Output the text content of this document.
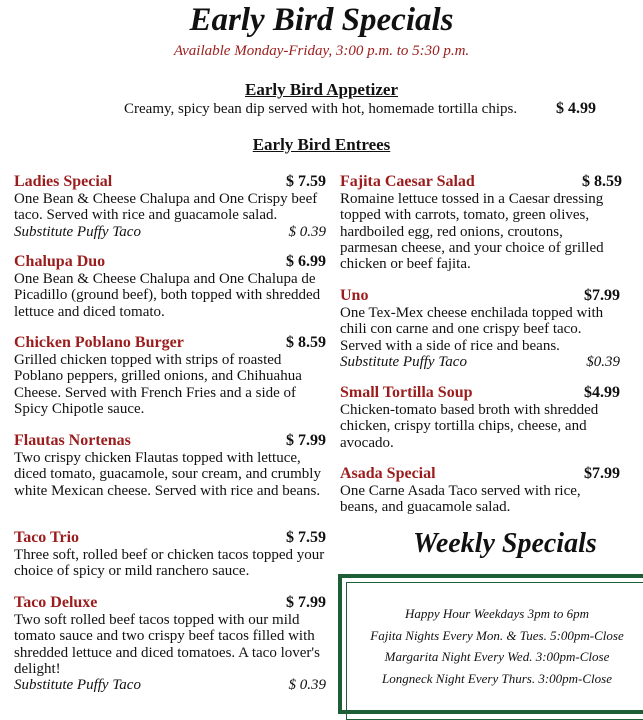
Early Bird Specials
Available Monday-Friday, 3:00 p.m. to 5:30 p.m.
Early Bird Appetizer
Creamy, spicy bean dip served with hot, homemade tortilla chips. $ 4.99
Early Bird Entrees
Ladies Special	$ 7.59
One Bean & Cheese Chalupa and One Crispy beef taco. Served with rice and guacamole salad.
Substitute Puffy Taco	$ 0.39
Chalupa Duo	$ 6.99
One Bean & Cheese Chalupa and One Chalupa de Picadillo (ground beef), both topped with shredded lettuce and diced tomato.
Chicken Poblano Burger	$ 8.59
Grilled chicken topped with strips of roasted Poblano peppers, grilled onions, and Chihuahua Cheese. Served with French Fries and a side of Spicy Chipotle sauce.
Flautas Nortenas	$ 7.99
Two crispy chicken Flautas topped with lettuce, diced tomato, guacamole, sour cream, and crumbly white Mexican cheese. Served with rice and beans.
Taco Trio	$ 7.59
Three soft, rolled beef or chicken tacos topped your choice of spicy or mild ranchero sauce.
Taco Deluxe	$ 7.99
Two soft rolled beef tacos topped with our mild tomato sauce and two crispy beef tacos filled with shredded lettuce and diced tomatoes. A taco lover's delight!
Substitute Puffy Taco	$ 0.39
Fajita Caesar Salad	$ 8.59
Romaine lettuce tossed in a Caesar dressing topped with carrots, tomato, green olives, hardboiled egg, red onions, croutons, parmesan cheese, and your choice of grilled chicken or beef fajita.
Uno	$7.99
One Tex-Mex cheese enchilada topped with chili con carne and one crispy beef taco. Served with a side of rice and beans.
Substitute Puffy Taco	$0.39
Small Tortilla Soup	$4.99
Chicken-tomato based broth with shredded chicken, crispy tortilla chips, cheese, and avocado.
Asada Special	$7.99
One Carne Asada Taco served with rice, beans, and guacamole salad.
Weekly Specials
Happy Hour Weekdays 3pm to 6pm
Fajita Nights Every Mon. & Tues. 5:00pm-Close
Margarita Night Every Wed. 3:00pm-Close
Longneck Night Every Thurs. 3:00pm-Close
